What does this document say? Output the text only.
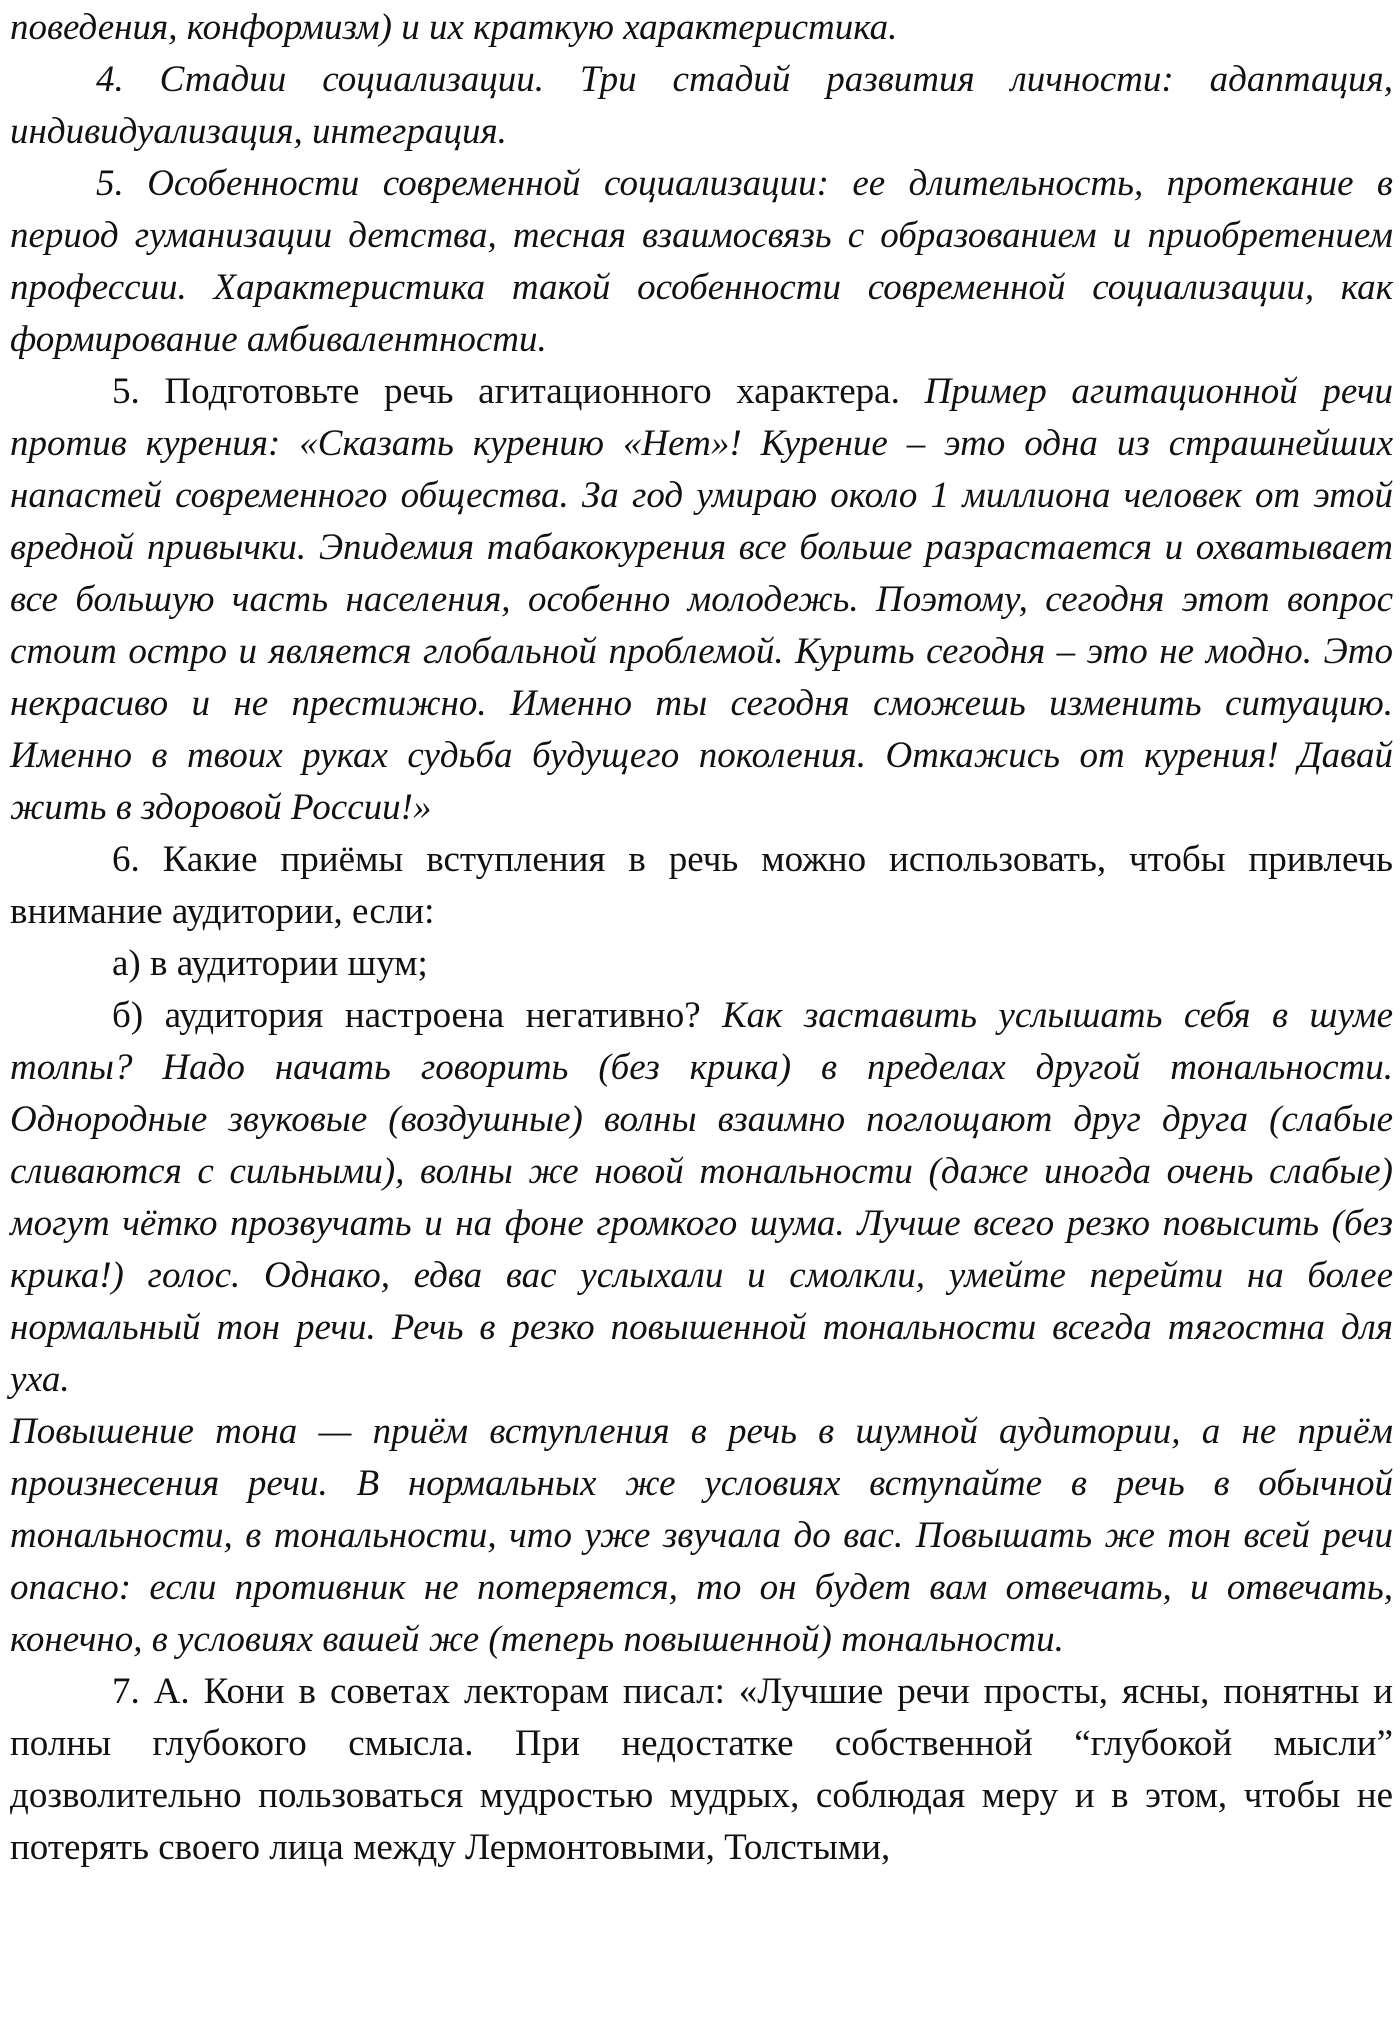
поведения, конформизм) и их краткую характеристика.

4. Стадии социализации. Три стадий развития личности: адаптация, индивидуализация, интеграция.

5. Особенности современной социализации: ее длительность, протекание в период гуманизации детства, тесная взаимосвязь с образованием и приобретением профессии. Характеристика такой особенности современной социализации, как формирование амбивалентности.

5. Подготовьте речь агитационного характера. Пример агитационной речи против курения: «Сказать курению «Нет»! Курение – это одна из страшнейших напастей современного общества. За год умираю около 1 миллиона человек от этой вредной привычки. Эпидемия табакокурения все больше разрастается и охватывает все большую часть населения, особенно молодежь. Поэтому, сегодня этот вопрос стоит остро и является глобальной проблемой. Курить сегодня – это не модно. Это некрасиво и не престижно. Именно ты сегодня сможешь изменить ситуацию. Именно в твоих руках судьба будущего поколения. Откажись от курения! Давай жить в здоровой России!»

6. Какие приёмы вступления в речь можно использовать, чтобы привлечь внимание аудитории, если:

а) в аудитории шум;

б) аудитория настроена негативно? Как заставить услышать себя в шуме толпы? Надо начать говорить (без крика) в пределах другой тональности. Однородные звуковые (воздушные) волны взаимно поглощают друг друга (слабые сливаются с сильными), волны же новой тональности (даже иногда очень слабые) могут чётко прозвучать и на фоне громкого шума. Лучше всего резко повысить (без крика!) голос. Однако, едва вас услыхали и смолкли, умейте перейти на более нормальный тон речи. Речь в резко повышенной тональности всегда тягостна для уха.

Повышение тона — приём вступления в речь в шумной аудитории, а не приём произнесения речи. В нормальных же условиях вступайте в речь в обычной тональности, в тональности, что уже звучала до вас. Повышать же тон всей речи опасно: если противник не потеряется, то он будет вам отвечать, и отвечать, конечно, в условиях вашей же (теперь повышенной) тональности.

7. А. Кони в советах лекторам писал: «Лучшие речи просты, ясны, понятны и полны глубокого смысла. При недостатке собственной “глубокой мысли” дозволительно пользоваться мудростью мудрых, соблюдая меру и в этом, чтобы не потерять своего лица между Лермонтовыми, Толстыми,
